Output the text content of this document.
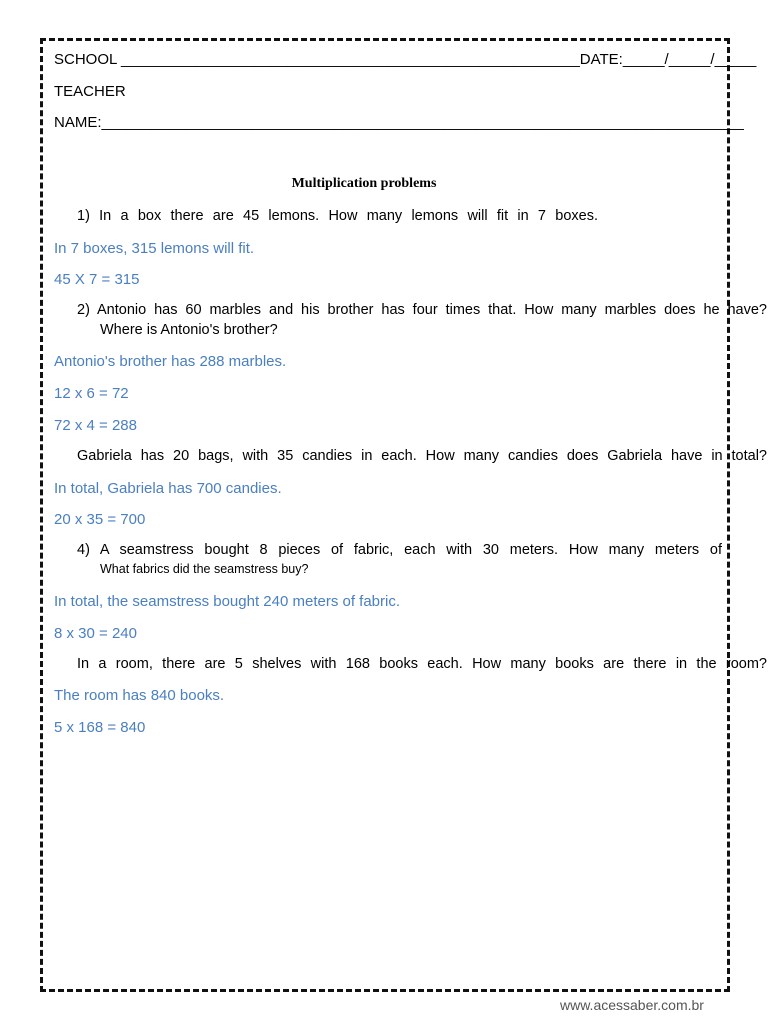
SCHOOL _______________________________________________________DATE:_____/_____/_____
TEACHER
NAME:_____________________________________________________________________________
Multiplication problems
1) In a box there are 45 lemons. How many lemons will fit in 7 boxes.
In 7 boxes, 315 lemons will fit.
45 X 7 = 315
2) Antonio has 60 marbles and his brother has four times that. How many marbles does he have?
Where is Antonio's brother?
Antonio's brother has 288 marbles.
12 x 6 = 72
72 x 4 = 288
Gabriela has 20 bags, with 35 candies in each. How many candies does Gabriela have in total?
In total, Gabriela has 700 candies.
20 x 35 = 700
4) A seamstress bought 8 pieces of fabric, each with 30 meters. How many meters of
What fabrics did the seamstress buy?
In total, the seamstress bought 240 meters of fabric.
8 x 30 = 240
In a room, there are 5 shelves with 168 books each. How many books are there in the room?
The room has 840 books.
5 x 168 = 840
www.acessaber.com.br
